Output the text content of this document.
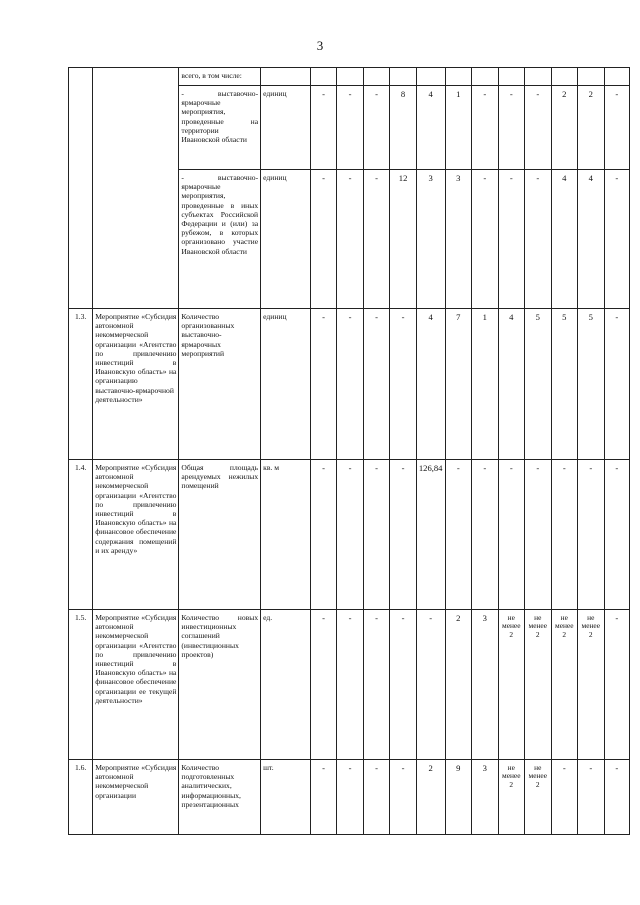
3
		всего, в том числе:													
		- выставочно-ярмарочные мероприятия, проведенные на территории Ивановской области	единиц	-	-	-	8	4	1	-	-	-	2	2	-
		- выставочно-ярмарочные мероприятия, проведенные в иных субъектах Российской Федерации и (или) за рубежом, в которых организовано участие Ивановской области	единиц	-	-	-	12	3	3	-	-	-	4	4	-
1.3.	Мероприятие «Субсидия автономной некоммерческой организации «Агентство по привлечению инвестиций в Ивановскую область» на организацию выставочно-ярмарочной деятельности»	Количество организованных выставочно-ярмарочных мероприятий	единиц	-	-	-	-	4	7	1	4	5	5	5	-
1.4.	Мероприятие «Субсидия автономной некоммерческой организации «Агентство по привлечению инвестиций в Ивановскую область» на финансовое обеспечение содержания помещений и их аренду»	Общая площадь арендуемых нежилых помещений	кв. м	-	-	-	-	126,84	-	-	-	-	-	-	-
1.5.	Мероприятие «Субсидия автономной некоммерческой организации «Агентство по привлечению инвестиций в Ивановскую область» на финансовое обеспечение организации ее текущей деятельности»	Количество новых инвестиционных соглашений (инвестиционных проектов)	ед.	-	-	-	-	-	2	3	не менее 2	не менее 2	не менее 2	не менее 2	-
1.6.	Мероприятие «Субсидия автономной некоммерческой организации	Количество подготовленных аналитических, информационных, презентационных	шт.	-	-	-	-	2	9	3	не менее 2	не менее 2	-	-	-
